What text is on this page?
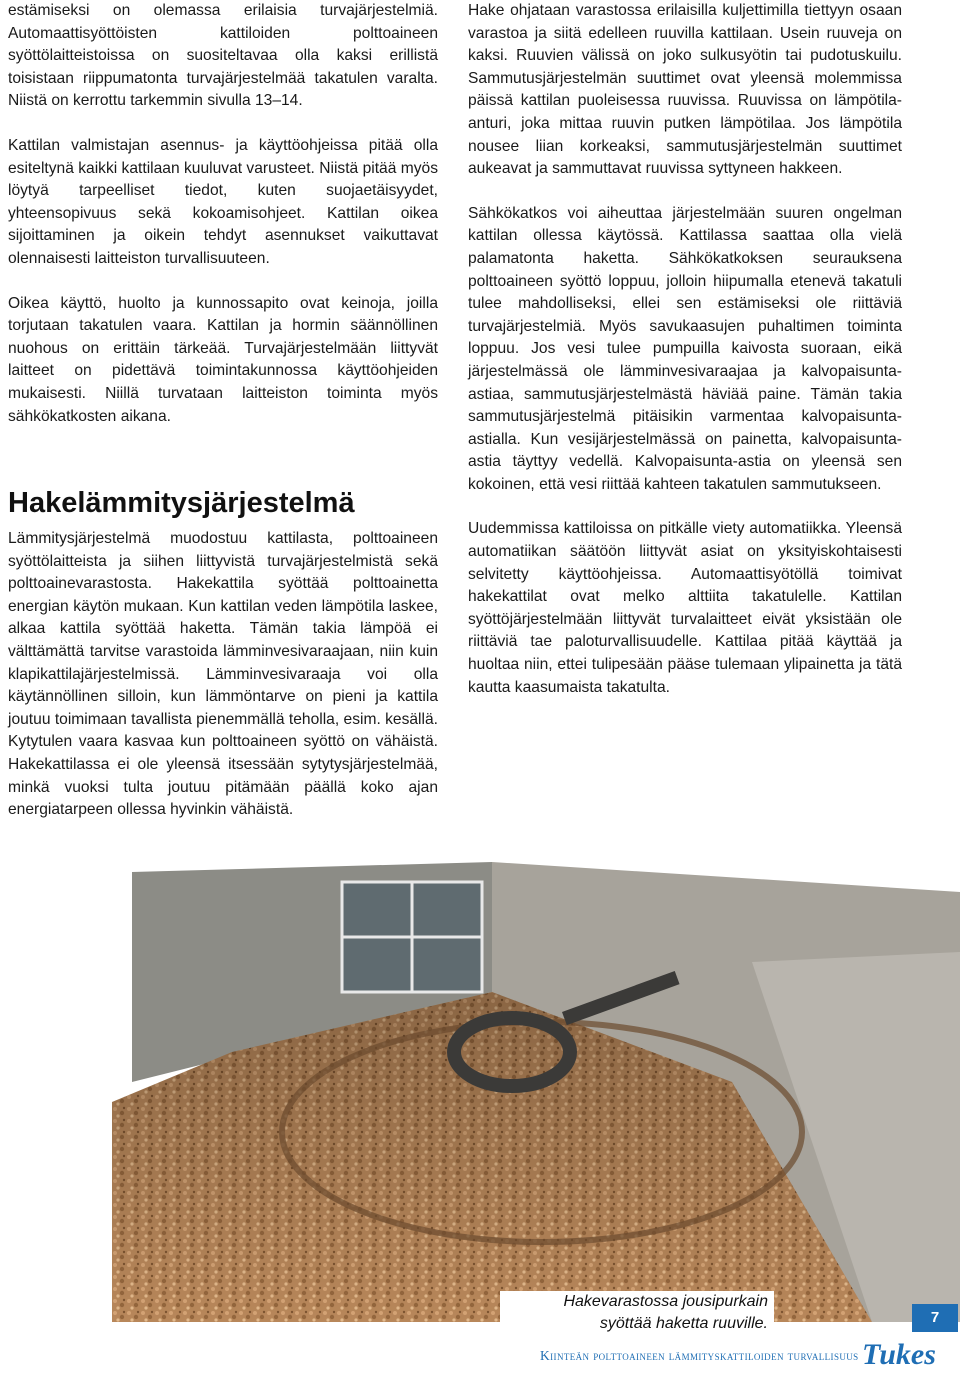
estämiseksi on olemassa erilaisia turvajärjestelmiä. Automaattisyöttöisten kattiloiden polttoaineen syöttölaitteistoissa on suositeltavaa olla kaksi erillistä toisistaan riippumatonta turvajärjestelmää takatulen varalta. Niistä on kerrottu tarkemmin sivulla 13–14.

Kattilan valmistajan asennus- ja käyttöohjeissa pitää olla esiteltynä kaikki kattilaan kuuluvat varusteet. Niistä pitää myös löytyä tarpeelliset tiedot, kuten suojaetäisyydet, yhteensopivuus sekä kokoamisohjeet. Kattilan oikea sijoittaminen ja oikein tehdyt asennukset vaikuttavat olennaisesti laitteiston turvallisuuteen.

Oikea käyttö, huolto ja kunnossapito ovat keinoja, joilla torjutaan takatulen vaara. Kattilan ja hormin säännöllinen nuohous on erittäin tärkeää. Turvajärjestelmään liittyvät laitteet on pidettävä toimintakunnossa käyttöohjeiden mukaisesti. Niillä turvataan laitteiston toiminta myös sähkökatkosten aikana.

Hakelämmitysjärjestelmä

Lämmitysjärjestelmä muodostuu kattilasta, polttoaineen syöttölaitteista ja siihen liittyvistä turvajärjestelmistä sekä polttoainevarastosta. Hakekattila syöttää polttoainetta energian käytön mukaan. Kun kattilan veden lämpötila laskee, alkaa kattila syöttää haketta. Tämän takia lämpöä ei välttämättä tarvitse varastoida lämminvesivaraajaan, niin kuin klapikattilajärjestelmissä. Lämminvesivaraaja voi olla käytännöllinen silloin, kun lämmöntarve on pieni ja kattila joutuu toimimaan tavallista pienemmällä teholla, esim. kesällä. Kytytulen vaara kasvaa kun polttoaineen syöttö on vähäistä. Hakekattilassa ei ole yleensä itsessään sytytysjärjestelmää, minkä vuoksi tulta joutuu pitämään päällä koko ajan energiatarpeen ollessa hyvinkin vähäistä.

Hake ohjataan varastossa erilaisilla kuljettimilla tiettyyn osaan varastoa ja siitä edelleen ruuvilla kattilaan. Usein ruuveja on kaksi. Ruuvien välissä on joko sulkusyötin tai pudotuskuilu. Sammutusjärjestelmän suuttimet ovat yleensä molemmissa päissä kattilan puoleisessa ruuvissa. Ruuvissa on lämpötila-anturi, joka mittaa ruuvin putken lämpötilaa. Jos lämpötila nousee liian korkeaksi, sammutusjärjestelmän suuttimet aukeavat ja sammuttavat ruuvissa syttyneen hakkeen.

Sähkökatkos voi aiheuttaa järjestelmään suuren ongelman kattilan ollessa käytössä. Kattilassa saattaa olla vielä palamatonta haketta. Sähkökatkoksen seurauksena polttoaineen syöttö loppuu, jolloin hiipumalla etenevä takatuli tulee mahdolliseksi, ellei sen estämiseksi ole riittäviä turvajärjestelmiä. Myös savukaasujen puhaltimen toiminta loppuu. Jos vesi tulee pumpuilla kaivosta suoraan, eikä järjestelmässä ole lämminvesivaraajaa ja kalvopaisunta-astiaa, sammutusjärjestelmästä häviää paine. Tämän takia sammutusjärjestelmä pitäisikin varmentaa kalvopaisunta-astialla. Kun vesijärjestelmässä on painetta, kalvopaisunta-astia täyttyy vedellä. Kalvopaisunta-astia on yleensä sen kokoinen, että vesi riittää kahteen takatulen sammutukseen.

Uudemmissa kattiloissa on pitkälle viety automatiikka. Yleensä automatiikan säätöön liittyvät asiat on yksityiskohtaisesti selvitetty käyttöohjeissa. Automaattisyötöllä toimivat hakekattilat ovat melko alttiita takatulelle. Kattilan syöttöjärjestelmään liittyvät turvalaitteet eivät yksistään ole riittäviä tae paloturvallisuudelle. Kattilaa pitää käyttää ja huoltaa niin, ettei tulipesään pääse tulemaan ylipainetta ja tätä kautta kaasumaista takatulta.

Hakevarastossa jousipurkain
syöttää haketta ruuville.	7
Kiinteän polttoaineen lämmityskattiloiden turvallisuus Tukes
